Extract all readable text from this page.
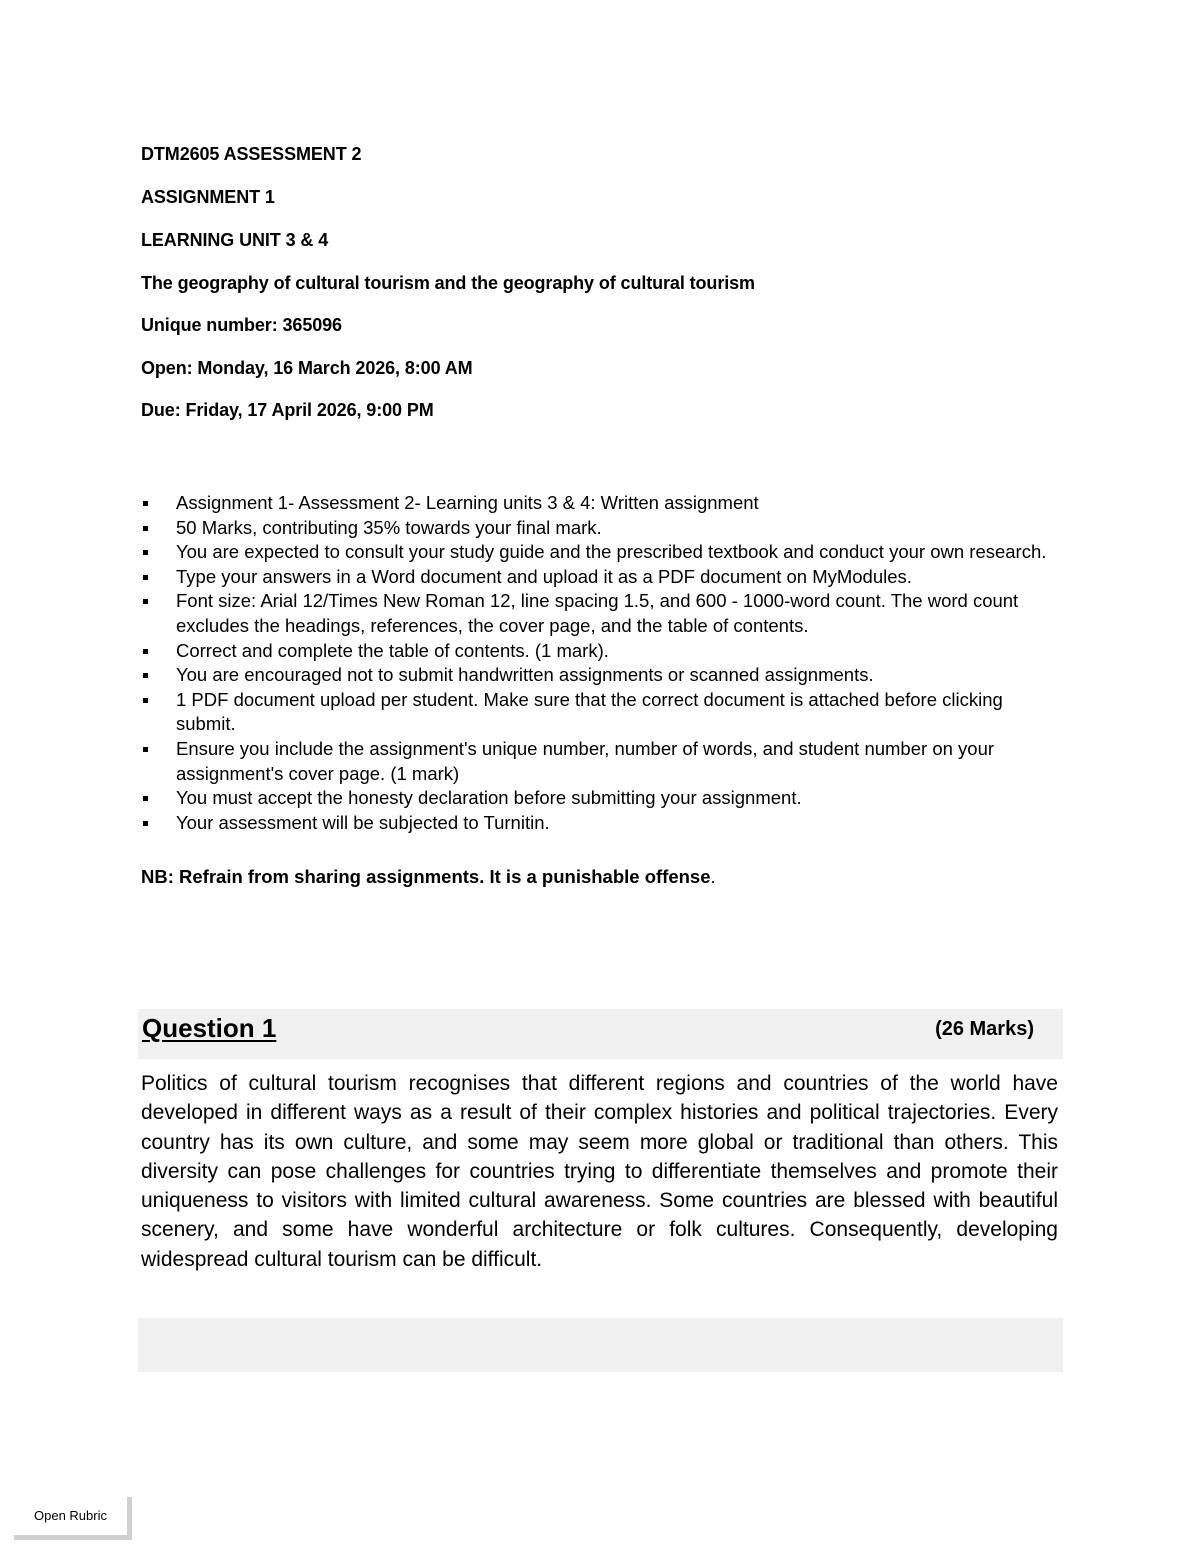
DTM2605 ASSESSMENT 2
ASSIGNMENT 1
LEARNING UNIT 3 & 4
The geography of cultural tourism and the geography of cultural tourism
Unique number: 365096
Open: Monday, 16 March 2026, 8:00 AM
Due: Friday, 17 April 2026, 9:00 PM
Assignment 1- Assessment 2- Learning units 3 & 4: Written assignment
50 Marks, contributing 35% towards your final mark.
You are expected to consult your study guide and the prescribed textbook and conduct your own research.
Type your answers in a Word document and upload it as a PDF document on MyModules.
Font size: Arial 12/Times New Roman 12, line spacing 1.5, and 600 - 1000-word count. The word count excludes the headings, references, the cover page, and the table of contents.
Correct and complete the table of contents. (1 mark).
You are encouraged not to submit handwritten assignments or scanned assignments.
1 PDF document upload per student. Make sure that the correct document is attached before clicking submit.
Ensure you include the assignment's unique number, number of words, and student number on your assignment's cover page. (1 mark)
You must accept the honesty declaration before submitting your assignment.
Your assessment will be subjected to Turnitin.
NB: Refrain from sharing assignments. It is a punishable offense.
Question 1	(26 Marks)

Politics of cultural tourism recognises that different regions and countries of the world have developed in different ways as a result of their complex histories and political trajectories. Every country has its own culture, and some may seem more global or traditional than others. This diversity can pose challenges for countries trying to differentiate themselves and promote their uniqueness to visitors with limited cultural awareness. Some countries are blessed with beautiful scenery, and some have wonderful architecture or folk cultures. Consequently, developing widespread cultural tourism can be difficult.

Open Rubric
